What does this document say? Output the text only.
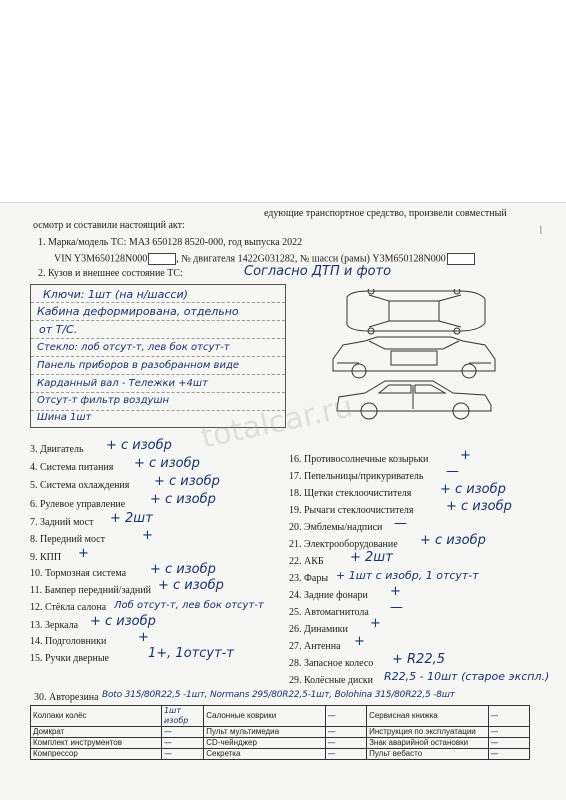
едующие транспортное средство, произвели совместный
|
осмотр и составили настоящий акт:
1. Марка/модель ТС: МАЗ 650128 8520-000, год выпуска 2022
VIN Y3M650128N000	, № двигателя 1422G031282, № шасси (рамы) Y3M650128N000
2. Кузов и внешнее состояние ТС:	Согласно ДТП и фото
Ключи: 1шт (на н/шасси)
Кабина деформирована, отдельно
от Т/С.
Стекло: лоб отсут-т, лев бок отсут-т
Панель приборов в разобранном виде
Карданный вал - Тележки +4шт
Отсут-т фильтр воздушн
Шина 1шт	totalcar.ru
3. Двигатель + с изобр
4. Система питания + с изобр
5. Система охлаждения + с изобр
6. Рулевое управление + с изобр
7. Задний мост + 2шт
8. Передний мост	+
9. КПП +
10. Тормозная система + с изобр
11. Бампер передний/задний + с изобр
12. Стёкла салона Лоб отсут-т, лев бок отсут-т
13. Зеркала + с изобр
14. Подголовники +
15. Ручки дверные	1+, 1отсут-т
16. Противосолнечные козырьки +
17. Пепельницы/прикуриватель —
18. Щетки стеклоочистителя + с изобр
19. Рычаги стеклоочистителя	+ с изобр
20. Эмблемы/надписи —
21. Электрооборудование + с изобр
22. АКБ + 2шт
23. Фары + 1шт с изобр, 1 отсут-т
24. Задние фонари +
25. Автомагнитола —
26. Динамики +
27. Антенна +
28. Запасное колесо + R22,5
29. Колёсные диски R22,5 - 10шт (старое экспл.)
30. Авторезина Boto 315/80R22,5 -1шт, Normans 295/80R22,5-1шт, Bolohina 315/80R22,5 -8шт
Колпаки колёс	1шт изобр	Салонные коврики	—	Сервисная книжка	—
Домкрат	—	Пульт мультимедиа	—	Инструкция по эксплуатации	—
Комплект инструментов	—	CD-чейнджер	—	Знак аварийной остановки	—
Компрессор	—	Секретка	—	Пульт вебасто	—
